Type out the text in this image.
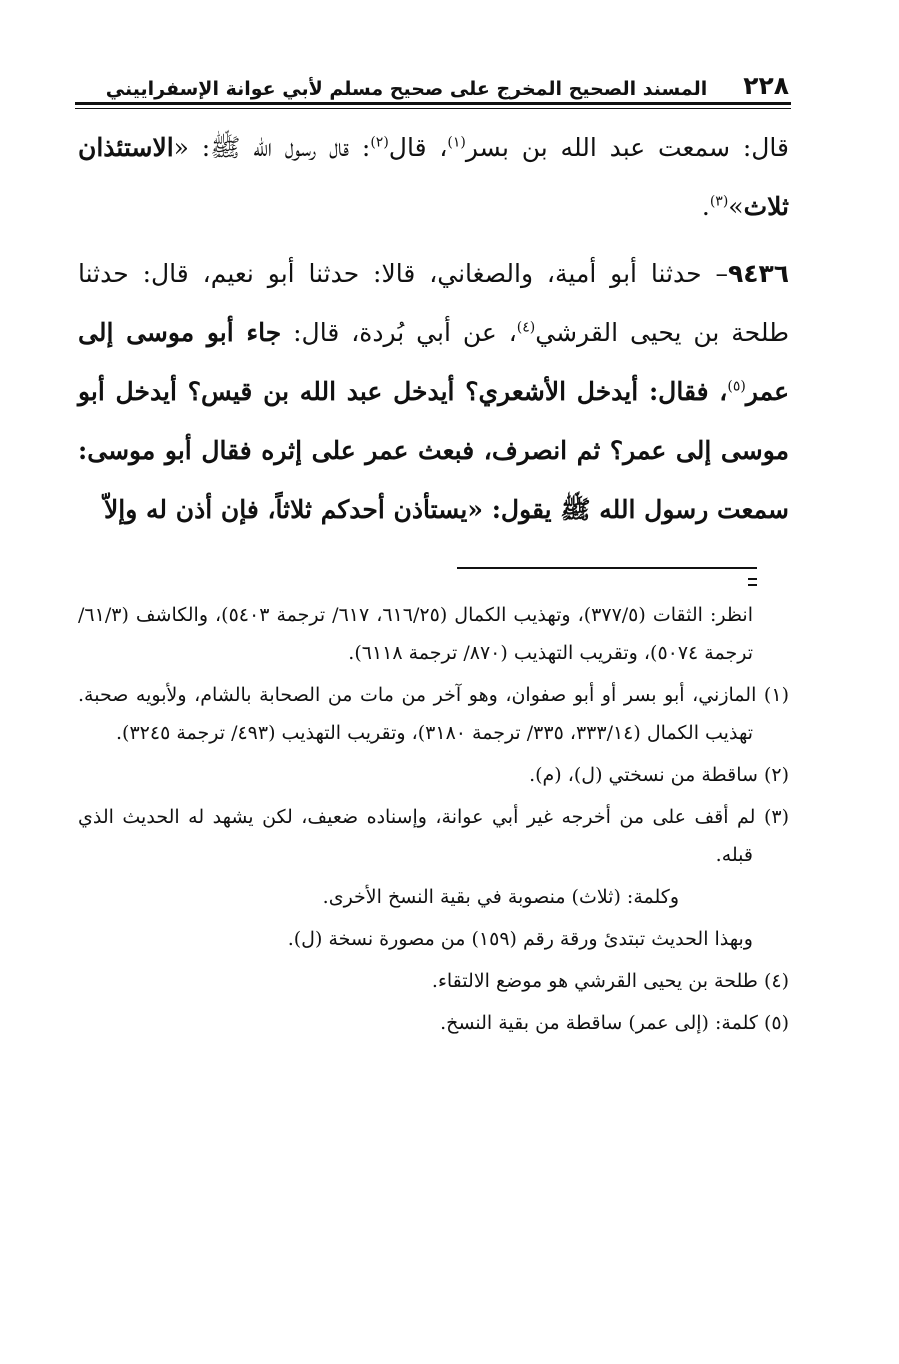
٢٢٨
المسند الصحيح المخرج على صحيح مسلم لأبي عوانة الإسفراييني

قال: سمعت عبد الله بن بسر$^{(١)}$، قال$^{(٢)}$: قال رسول الله ﷺ: «الاستئذان ثلاث»$^{(٣)}$.

٩٤٣٦– حدثنا أبو أمية، والصغاني، قالا: حدثنا أبو نعيم، قال: حدثنا طلحة بن يحيى القرشي$^{(٤)}$، عن أبي بُردة، قال: جاء أبو موسى إلى عمر$^{(٥)}$، فقال: أيدخل الأشعري؟ أيدخل عبد الله بن قيس؟ أيدخل أبو موسى إلى عمر؟ ثم انصرف، فبعث عمر على إثره فقال أبو موسى: سمعت رسول الله ﷺ يقول: «يستأذن أحدكم ثلاثاً، فإن أذن له وإلاّ

انظر: الثقات (٣٧٧/٥)، وتهذيب الكمال (٦١٦/٢٥، ٦١٧/ ترجمة ٥٤٠٣)، والكاشف (٦١/٣/ ترجمة ٥٠٧٤)، وتقريب التهذيب (٨٧٠/ ترجمة ٦١١٨).

(١) المازني، أبو بسر أو أبو صفوان، وهو آخر من مات من الصحابة بالشام، ولأبويه صحبة. تهذيب الكمال (٣٣٣/١٤، ٣٣٥/ ترجمة ٣١٨٠)، وتقريب التهذيب (٤٩٣/ ترجمة ٣٢٤٥).

(٢) ساقطة من نسختي (ل)، (م).

(٣) لم أقف على من أخرجه غير أبي عوانة، وإسناده ضعيف، لكن يشهد له الحديث الذي قبله.

وكلمة: (ثلاث) منصوبة في بقية النسخ الأخرى.

وبهذا الحديث تبتدئ ورقة رقم (١٥٩) من مصورة نسخة (ل).

(٤) طلحة بن يحيى القرشي هو موضع الالتقاء.

(٥) كلمة: (إلى عمر) ساقطة من بقية النسخ.
